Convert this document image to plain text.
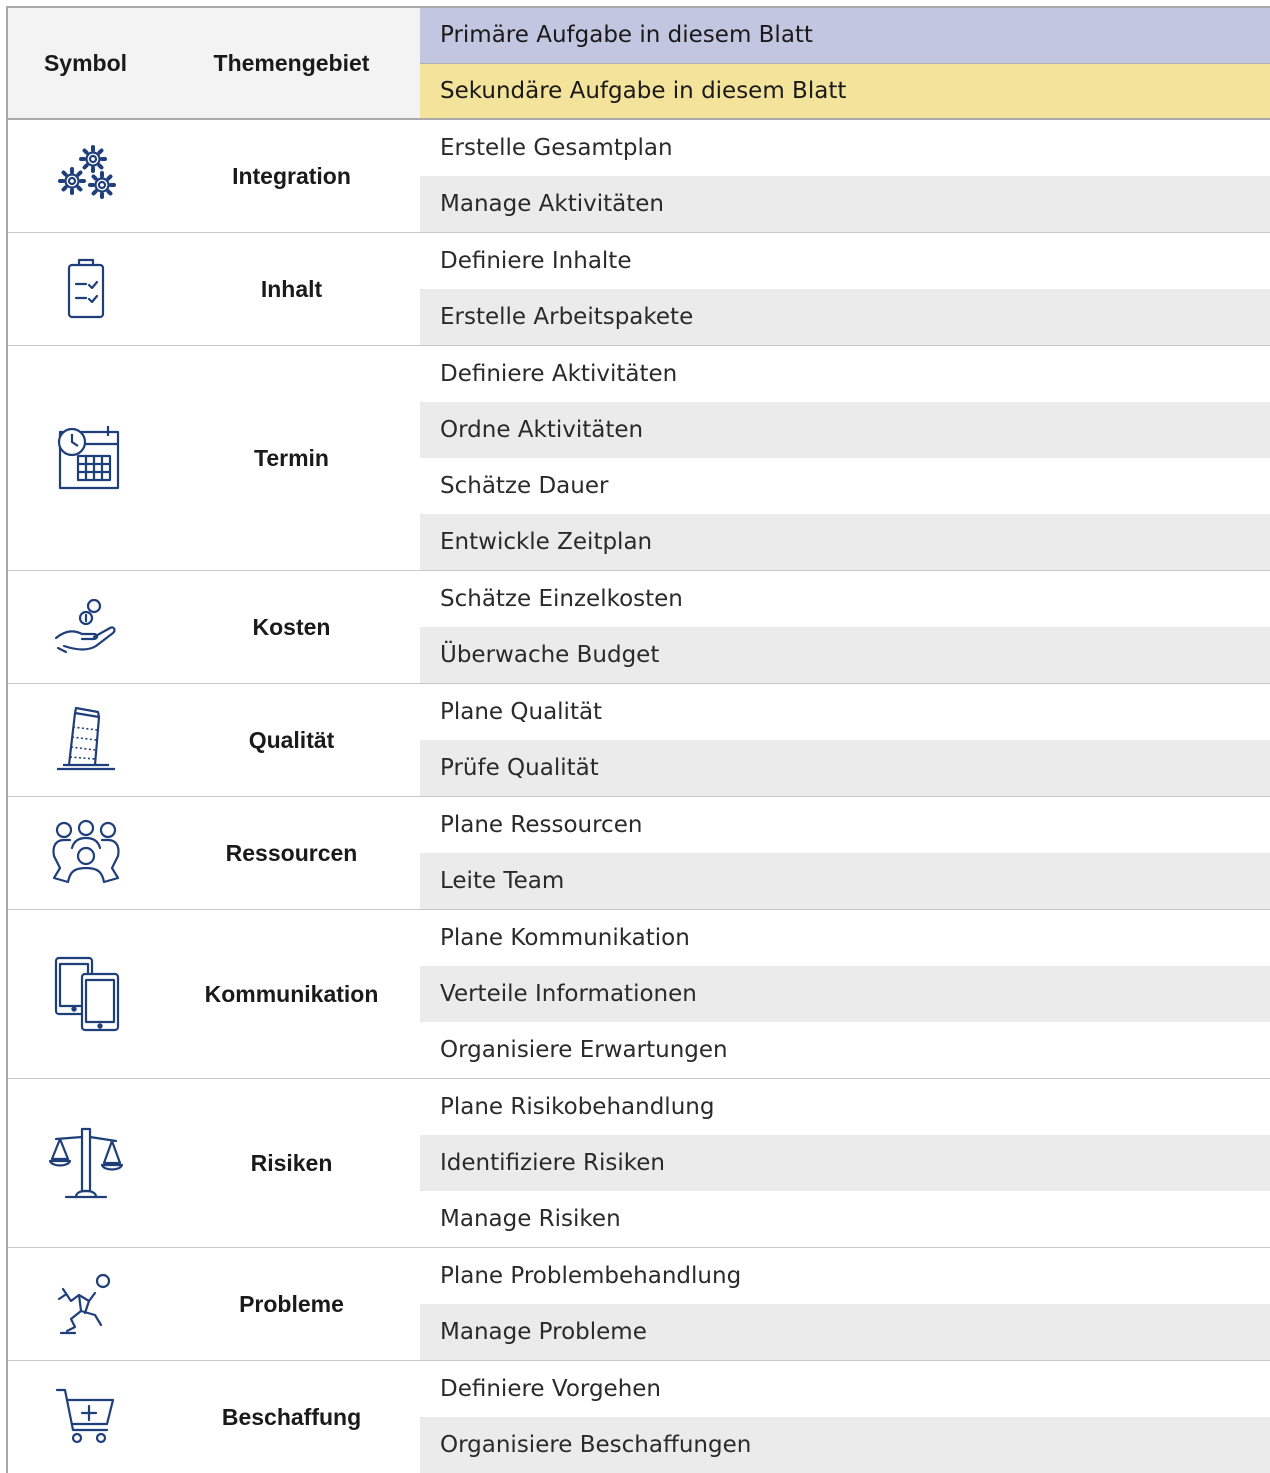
Symbol	Themengebiet
Primäre Aufgabe in diesem Blatt
Sekundäre Aufgabe in diesem Blatt
Integration
Erstelle Gesamtplan
Manage Aktivitäten
Inhalt
Definiere Inhalte
Erstelle Arbeitspakete
Termin
Definiere Aktivitäten
Ordne Aktivitäten
Schätze Dauer
Entwickle Zeitplan
Kosten
Schätze Einzelkosten
Überwache Budget
Qualität
Plane Qualität
Prüfe Qualität
Ressourcen
Plane Ressourcen
Leite Team
Kommunikation
Plane Kommunikation
Verteile Informationen
Organisiere Erwartungen
Risiken
Plane Risikobehandlung
Identifiziere Risiken
Manage Risiken
Probleme
Plane Problembehandlung
Manage Probleme
Beschaffung
Definiere Vorgehen
Organisiere Beschaffungen
